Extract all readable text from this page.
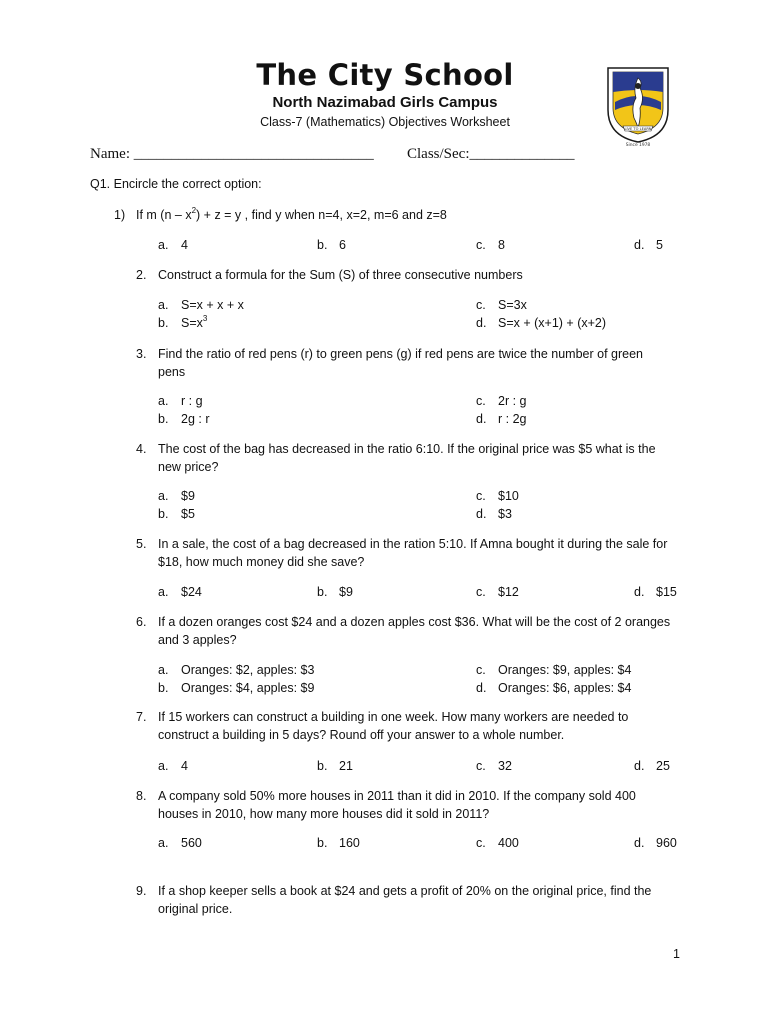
The City School
North Nazimabad Girls Campus
Class-7 (Mathematics) Objectives Worksheet	LIVE TO LEARN
Since 1978
Name: ________________________________ Class/Sec:______________
Q1. Encircle the correct option:
1) If m $(n - x^2) + z = y$ , find y when n=4, x=2, m=6 and z=8
a. 4	b. 6	c. 8	d. 5
2. Construct a formula for the Sum (S) of three consecutive numbers
a. S=x + x + x
b. $S=x^3$
c. S=3x
d. S=x + (x+1) + (x+2)
3. Find the ratio of red pens (r) to green pens (g) if red pens are twice the number of green
pens
a. r : g
b. 2g : r
c. 2r : g
d. r : 2g
4. The cost of the bag has decreased in the ratio 6:10. If the original price was $5 what is the
new price?
a. $9
b. $5
c. $10
d. $3
5. In a sale, the cost of a bag decreased in the ration 5:10. If Amna bought it during the sale for
$18, how much money did she save?
a. $24	b. $9	c. $12	d. $15
6. If a dozen oranges cost $24 and a dozen apples cost $36. What will be the cost of 2 oranges
and 3 apples?
a. Oranges: $2, apples: $3
b. Oranges: $4, apples: $9
c. Oranges: $9, apples: $4
d. Oranges: $6, apples: $4
7. If 15 workers can construct a building in one week. How many workers are needed to
construct a building in 5 days? Round off your answer to a whole number.
a. 4	b. 21	c. 32	d. 25
8. A company sold 50% more houses in 2011 than it did in 2010. If the company sold 400
houses in 2010, how many more houses did it sold in 2011?
a. 560	b. 160	c. 400	d. 960
9. If a shop keeper sells a book at $24 and gets a profit of 20% on the original price, find the
original price.
1
